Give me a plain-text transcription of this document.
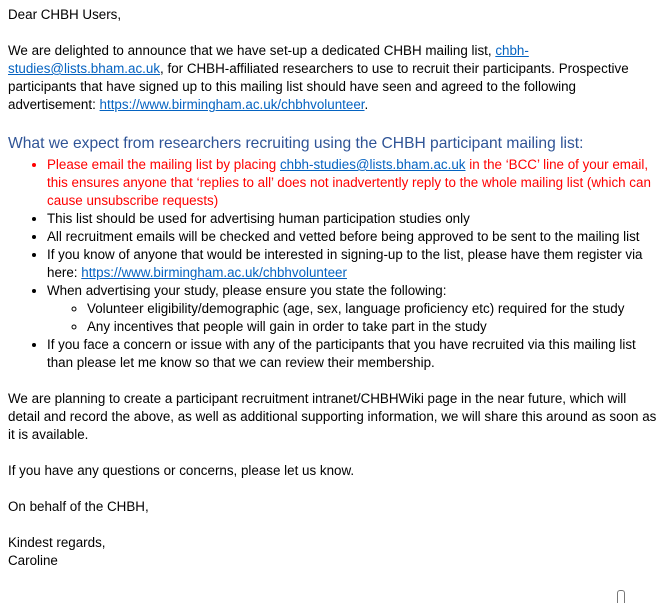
Dear CHBH Users,

We are delighted to announce that we have set-up a dedicated CHBH mailing list, chbh-studies@lists.bham.ac.uk, for CHBH-affiliated researchers to use to recruit their participants. Prospective participants that have signed up to this mailing list should have seen and agreed to the following advertisement: https://www.birmingham.ac.uk/chbhvolunteer.

What we expect from researchers recruiting using the CHBH participant mailing list:
• Please email the mailing list by placing chbh-studies@lists.bham.ac.uk in the ‘BCC’ line of your email, this ensures anyone that ‘replies to all’ does not inadvertently reply to the whole mailing list (which can cause unsubscribe requests)
• This list should be used for advertising human participation studies only
• All recruitment emails will be checked and vetted before being approved to be sent to the mailing list
• If you know of anyone that would be interested in signing-up to the list, please have them register via here: https://www.birmingham.ac.uk/chbhvolunteer
• When advertising your study, please ensure you state the following:
◦ Volunteer eligibility/demographic (age, sex, language proficiency etc) required for the study
◦ Any incentives that people will gain in order to take part in the study
• If you face a concern or issue with any of the participants that you have recruited via this mailing list than please let me know so that we can review their membership.

We are planning to create a participant recruitment intranet/CHBHWiki page in the near future, which will detail and record the above, as well as additional supporting information, we will share this around as soon as it is available.

If you have any questions or concerns, please let us know.

On behalf of the CHBH,

Kindest regards,

Caroline
